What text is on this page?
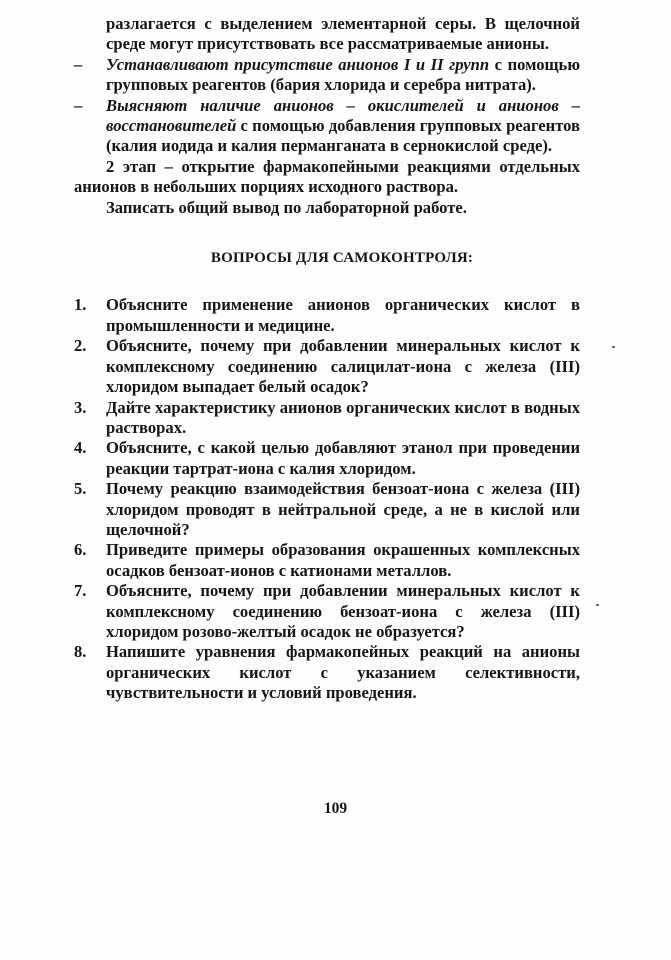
разлагается с выделением элементарной серы. В щелочной среде могут присутствовать все рассматриваемые анионы.
–	Устанавливают присутствие анионов I и II групп с помощью групповых реагентов (бария хлорида и серебра нитрата).
–	Выясняют наличие анионов – окислителей и анионов – восстановителей с помощью добавления групповых реагентов (калия иодида и калия перманганата в сернокислой среде).
2 этап – открытие фармакопейными реакциями отдельных анионов в небольших порциях исходного раствора.
Записать общий вывод по лабораторной работе.
ВОПРОСЫ ДЛЯ САМОКОНТРОЛЯ:
1.	Объясните применение анионов органических кислот в промышленности и медицине.
2.	Объясните, почему при добавлении минеральных кислот к комплексному соединению салицилат-иона с железа (III) хлоридом выпадает белый осадок?
3.	Дайте характеристику анионов органических кислот в водных растворах.
4.	Объясните, с какой целью добавляют этанол при проведении реакции тартрат-иона с калия хлоридом.
5.	Почему реакцию взаимодействия бензоат-иона с железа (III) хлоридом проводят в нейтральной среде, а не в кислой или щелочной?
6.	Приведите примеры образования окрашенных комплексных осадков бензоат-ионов с катионами металлов.
7.	Объясните, почему при добавлении минеральных кислот к комплексному соединению бензоат-иона с железа (III) хлоридом розово-желтый осадок не образуется?
8.	Напишите уравнения фармакопейных реакций на анионы органических кислот с указанием селективности, чувствительности и условий проведения.
109
